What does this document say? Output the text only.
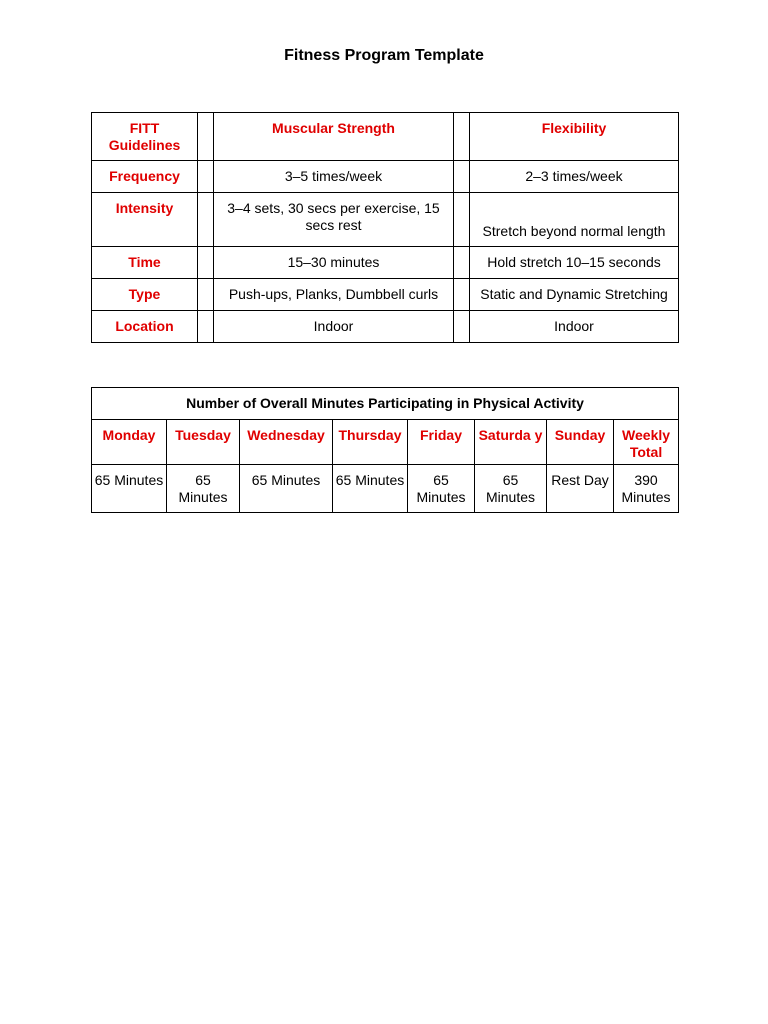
Fitness Program Template
FITT Guidelines		Muscular Strength		Flexibility
Frequency		3–5 times/week		2–3 times/week
Intensity		3–4 sets, 30 secs per exercise, 15 secs rest		Stretch beyond normal length
Time		15–30 minutes		Hold stretch 10–15 seconds
Type		Push-ups, Planks, Dumbbell curls		Static and Dynamic Stretching
Location		Indoor		Indoor
Number of Overall Minutes Participating in Physical Activity							
Monday	Tuesday	Wednesday	Thursday	Friday	Saturda y	Sunday	Weekly Total
65 Minutes	65 Minutes	65 Minutes	65 Minutes	65 Minutes	65 Minutes	Rest Day	390 Minutes
